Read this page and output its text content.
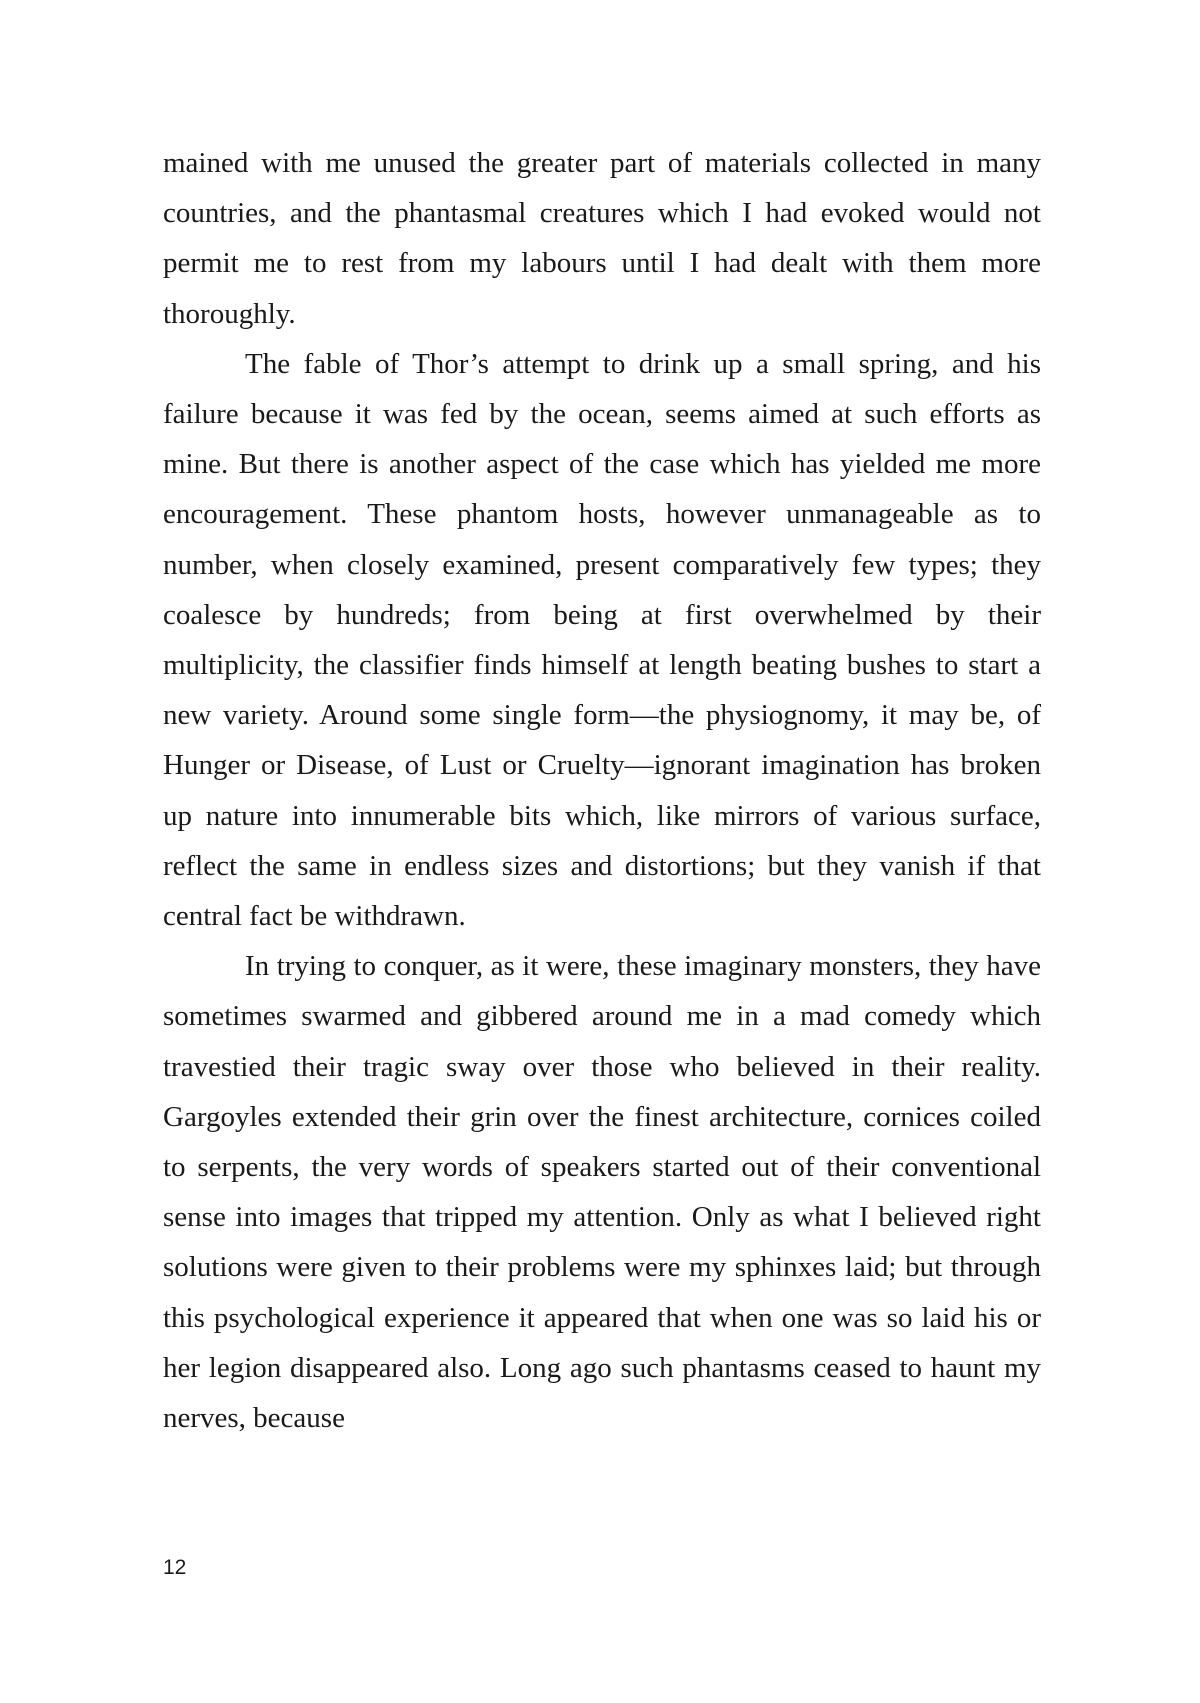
mained with me unused the greater part of materials collected in many countries, and the phantasmal creatures which I had evoked would not permit me to rest from my labours until I had dealt with them more thoroughly.

The fable of Thor’s attempt to drink up a small spring, and his failure because it was fed by the ocean, seems aimed at such efforts as mine. But there is another aspect of the case which has yielded me more encouragement. These phantom hosts, however unmanageable as to number, when closely examined, present comparatively few types; they coalesce by hundreds; from being at first overwhelmed by their multiplicity, the classifier finds himself at length beating bushes to start a new variety. Around some single form—the physiognomy, it may be, of Hunger or Disease, of Lust or Cruelty—ignorant imagination has broken up nature into innumerable bits which, like mirrors of various surface, reflect the same in endless sizes and distortions; but they vanish if that central fact be withdrawn.

In trying to conquer, as it were, these imaginary monsters, they have sometimes swarmed and gibbered around me in a mad comedy which travestied their tragic sway over those who believed in their reality. Gargoyles extended their grin over the finest architecture, cornices coiled to serpents, the very words of speakers started out of their conventional sense into images that tripped my attention. Only as what I believed right solutions were given to their problems were my sphinxes laid; but through this psychological experience it appeared that when one was so laid his or her legion disappeared also. Long ago such phantasms ceased to haunt my nerves, because

12
